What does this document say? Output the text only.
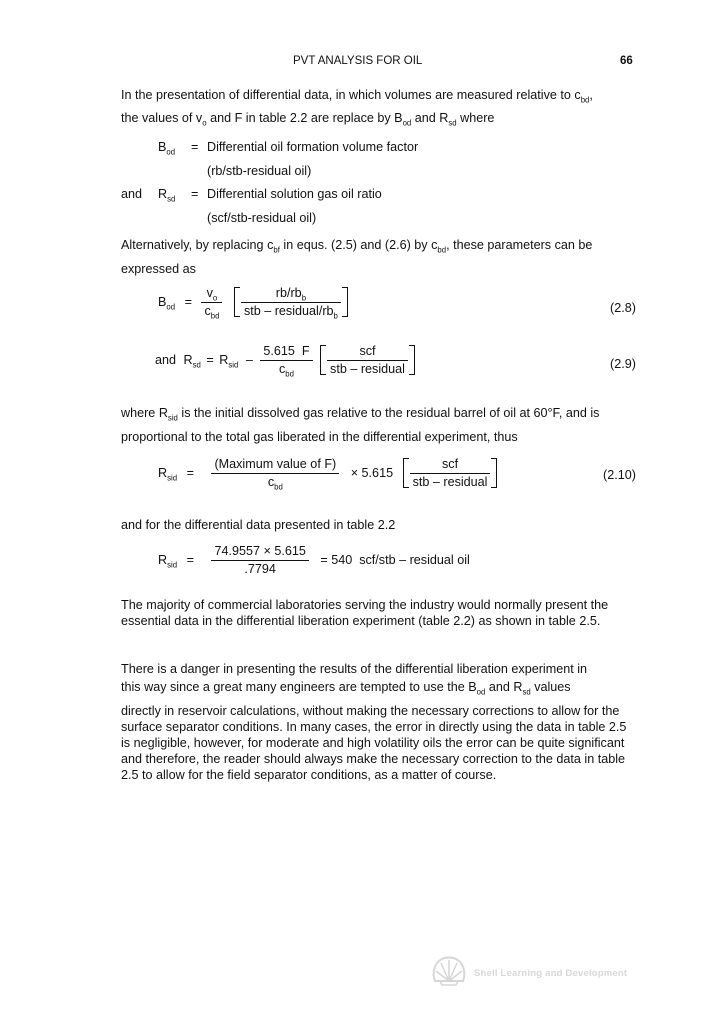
PVT ANALYSIS FOR OIL	66
In the presentation of differential data, in which volumes are measured relative to $c_{bd}$,
the values of $v_o$ and F in table 2.2 are replace by $B_{od}$ and $R_{sd}$ where
$B_{od}$ = Differential oil formation volume factor
(rb/stb-residual oil)
and $R_{sd}$ = Differential solution gas oil ratio
(scf/stb-residual oil)
Alternatively, by replacing $c_{bf}$ in equs. (2.5) and (2.6) by $c_{bd}$, these parameters can be
expressed as
$B_{od} = \frac{v_o}{c_{bd}}$
$\frac{rb/rb_b}{stb - residual/rb_b}$	(2.8)
and $R_{sd} = R_{sid} - \frac{5.615 F}{c_{bd}}$
$\frac{\text{scf}}{\text{stb – residual}}$	(2.9)
where $R_{sid}$ is the initial dissolved gas relative to the residual barrel of oil at 60°F, and is
proportional to the total gas liberated in the differential experiment, thus
$R_{sid} = \frac{\text{(Maximum value of F)}}{c_{bd}} \times 5.615 \frac{\text{scf}}{\text{stb – residual}}$	(2.10)
and for the differential data presented in table 2.2
$R_{sid} = \frac{74.9557 \times 5.615}{.7794} = 540$  scf/stb – residual oil
The majority of commercial laboratories serving the industry would normally present the essential data in the differential liberation experiment (table 2.2) as shown in table 2.5.
There is a danger in presenting the results of the differential liberation experiment in
this way since a great many engineers are tempted to use the $B_{od}$ and $R_{sd}$ values
directly in reservoir calculations, without making the necessary corrections to allow for the surface separator conditions. In many cases, the error in directly using the data in table 2.5 is negligible, however, for moderate and high volatility oils the error can be quite significant and therefore, the reader should always make the necessary correction to the data in table 2.5 to allow for the field separator conditions, as a matter of course.
Shell Learning and Development
